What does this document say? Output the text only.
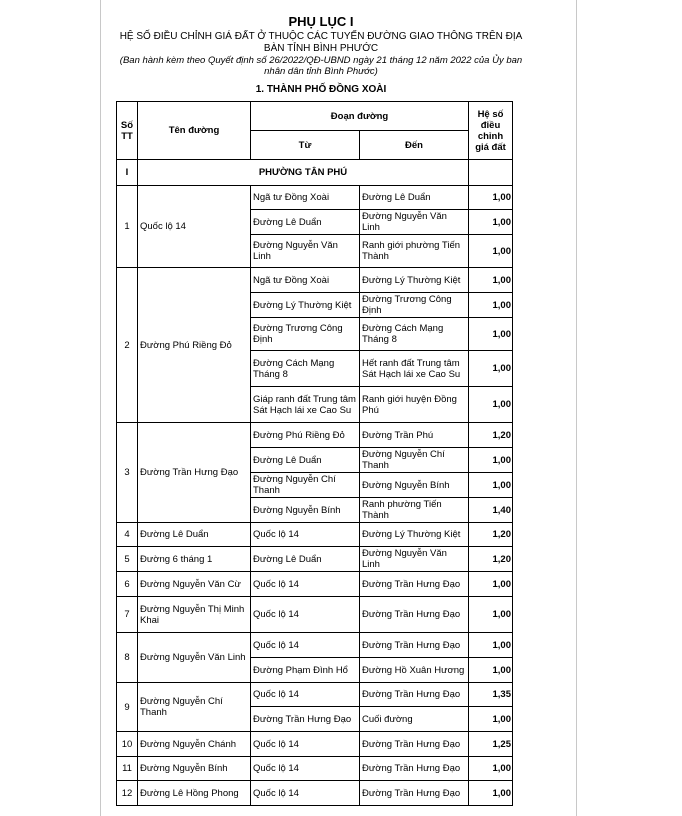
PHỤ LỤC I
HỆ SỐ ĐIỀU CHỈNH GIÁ ĐẤT Ở THUỘC CÁC TUYẾN ĐƯỜNG GIAO THÔNG TRÊN ĐỊA BÀN TỈNH BÌNH PHƯỚC
(Ban hành kèm theo Quyết định số 26/2022/QĐ-UBND ngày 21 tháng 12 năm 2022 của Ủy ban nhân dân tỉnh Bình Phước)
1. THÀNH PHỐ ĐỒNG XOÀI
Số TT	Tên đường	Đoạn đường		Hệ số điều chỉnh giá đất
		Từ	Đến	
I	PHƯỜNG TÂN PHÚ			
1	Quốc lộ 14	Ngã tư Đồng Xoài	Đường Lê Duẩn	1,00
		Đường Lê Duẩn	Đường Nguyễn Văn Linh	1,00
		Đường Nguyễn Văn Linh	Ranh giới phường Tiến Thành	1,00
2	Đường Phú Riềng Đỏ	Ngã tư Đồng Xoài	Đường Lý Thường Kiệt	1,00
		Đường Lý Thường Kiệt	Đường Trương Công Định	1,00
		Đường Trương Công Định	Đường Cách Mạng Tháng 8	1,00
		Đường Cách Mạng Tháng 8	Hết ranh đất Trung tâm Sát Hạch lái xe Cao Su	1,00
		Giáp ranh đất Trung tâm Sát Hạch lái xe Cao Su	Ranh giới huyện Đồng Phú	1,00
3	Đường Trần Hưng Đạo	Đường Phú Riềng Đỏ	Đường Trần Phú	1,20
		Đường Lê Duẩn	Đường Nguyễn Chí Thanh	1,00
		Đường Nguyễn Chí Thanh	Đường Nguyễn Bính	1,00
		Đường Nguyễn Bính	Ranh phường Tiến Thành	1,40
4	Đường Lê Duẩn	Quốc lộ 14	Đường Lý Thường Kiệt	1,20
5	Đường 6 tháng 1	Đường Lê Duẩn	Đường Nguyễn Văn Linh	1,20
6	Đường Nguyễn Văn Cừ	Quốc lộ 14	Đường Trần Hưng Đạo	1,00
7	Đường Nguyễn Thị Minh Khai	Quốc lộ 14	Đường Trần Hưng Đạo	1,00
8	Đường Nguyễn Văn Linh	Quốc lộ 14	Đường Trần Hưng Đạo	1,00
		Đường Phạm Đình Hổ	Đường Hồ Xuân Hương	1,00
9	Đường Nguyễn Chí Thanh	Quốc lộ 14	Đường Trần Hưng Đạo	1,35
		Đường Trần Hưng Đạo	Cuối đường	1,00
10	Đường Nguyễn Chánh	Quốc lộ 14	Đường Trần Hưng Đạo	1,25
11	Đường Nguyễn Bính	Quốc lộ 14	Đường Trần Hưng Đạo	1,00
12	Đường Lê Hồng Phong	Quốc lộ 14	Đường Trần Hưng Đạo	1,00
